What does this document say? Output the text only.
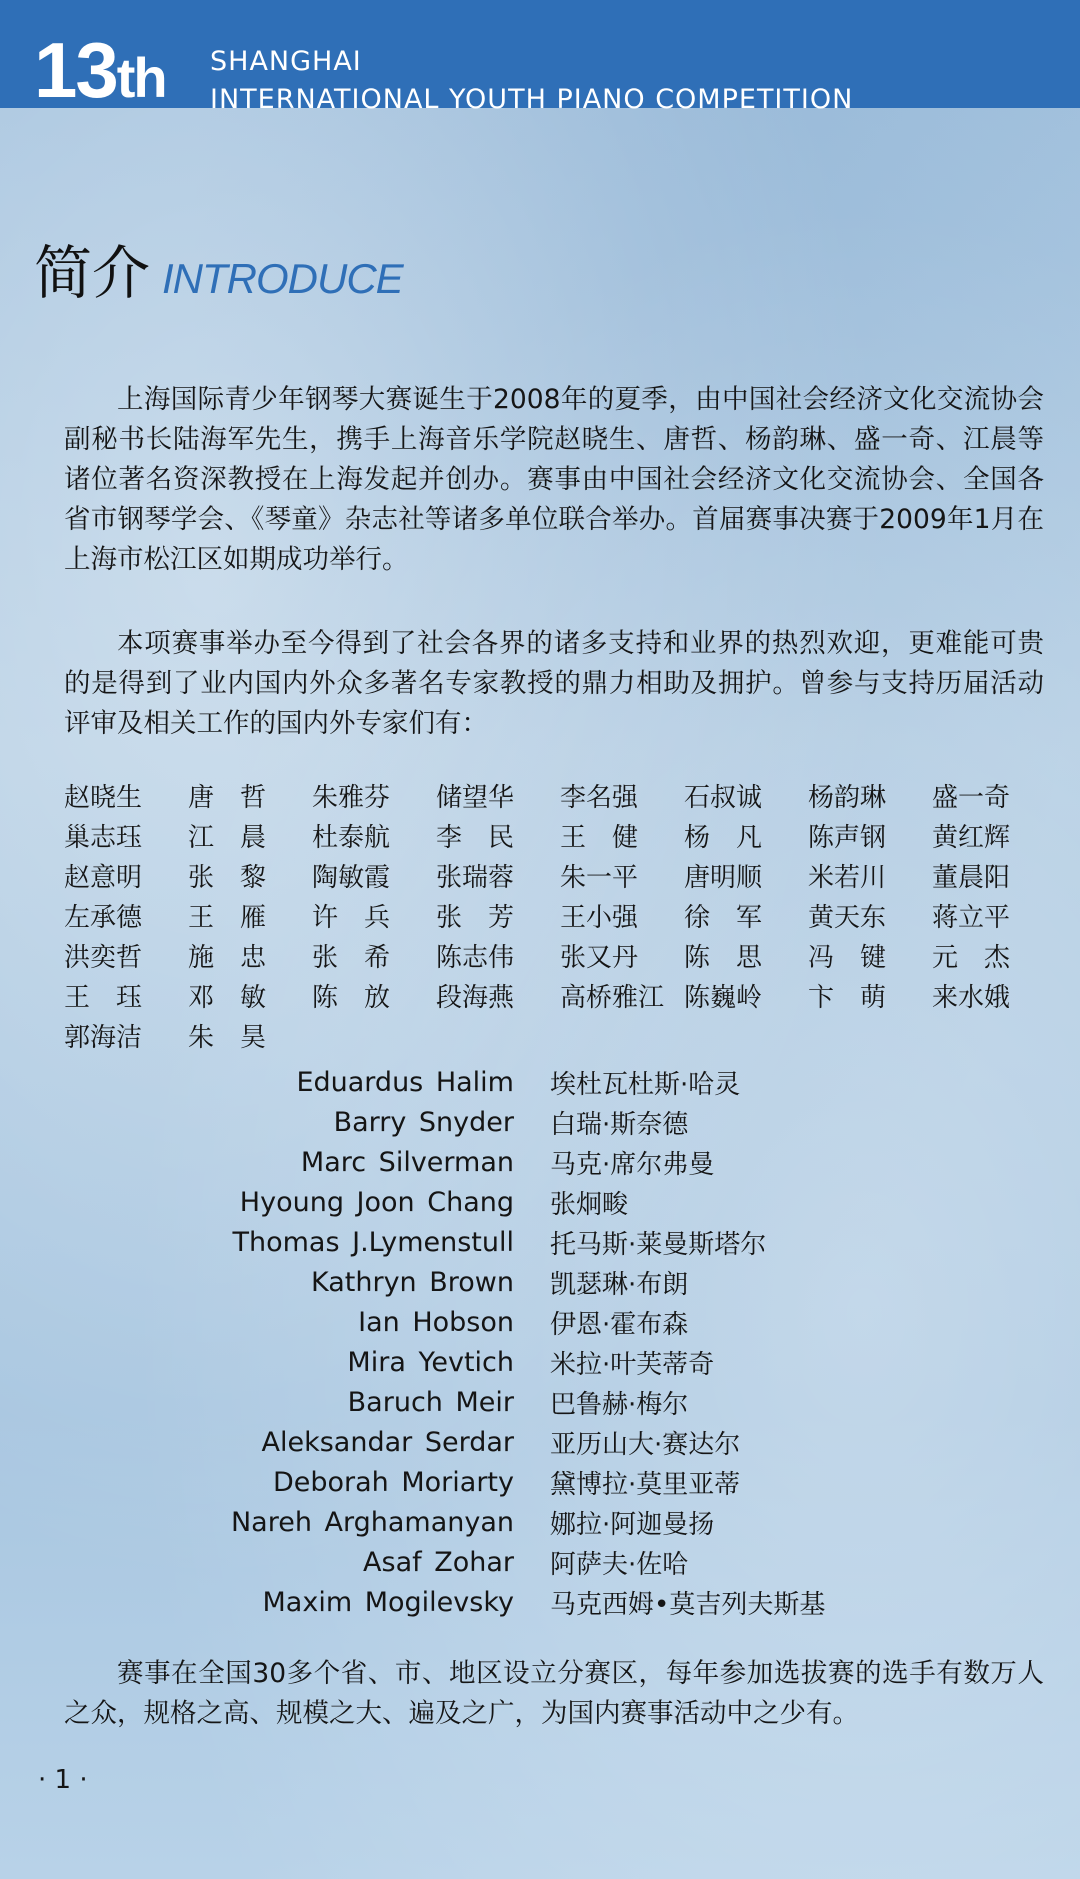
13th SHANGHAI
INTERNATIONAL YOUTH PIANO COMPETITION
简介 INTRODUCE

上海国际青少年钢琴大赛诞生于2008年的夏季，由中国社会经济文化交流协会副秘书长陆海军先生，携手上海音乐学院赵晓生、唐哲、杨韵琳、盛一奇、江晨等诸位著名资深教授在上海发起并创办。赛事由中国社会经济文化交流协会、全国各省市钢琴学会、《琴童》杂志社等诸多单位联合举办。首届赛事决赛于2009年1月在上海市松江区如期成功举行。

本项赛事举办至今得到了社会各界的诸多支持和业界的热烈欢迎，更难能可贵的是得到了业内国内外众多著名专家教授的鼎力相助及拥护。曾参与支持历届活动评审及相关工作的国内外专家们有：

赵晓生	唐　哲	朱雅芬	储望华	李名强	石叔诚	杨韵琳	盛一奇
巢志珏	江　晨	杜泰航	李　民	王　健	杨　凡	陈声钢	黄红辉
赵意明	张　黎	陶敏霞	张瑞蓉	朱一平	唐明顺	米若川	董晨阳
左承德	王　雁	许　兵	张　芳	王小强	徐　军	黄天东	蒋立平
洪奕哲	施　忠	张　希	陈志伟	张又丹	陈　思	冯　键	元　杰
王　珏	邓　敏	陈　放	段海燕	高桥雅江 陈巍岭	卞　萌	来水娥
郭海洁	朱　昊
Eduardus Halim 埃杜瓦杜斯·哈灵
Barry Snyder 白瑞·斯奈德
Marc Silverman 马克·席尔弗曼
Hyoung Joon Chang 张炯畯
Thomas J.Lymenstull 托马斯·莱曼斯塔尔
Kathryn Brown 凯瑟琳·布朗
Ian Hobson 伊恩·霍布森
Mira Yevtich 米拉·叶芙蒂奇
Baruch Meir 巴鲁赫·梅尔
Aleksandar Serdar 亚历山大·赛达尔
Deborah Moriarty 黛博拉·莫里亚蒂
Nareh Arghamanyan 娜拉·阿迦曼扬
Asaf Zohar 阿萨夫·佐哈
Maxim Mogilevsky 马克西姆•莫吉列夫斯基

赛事在全国30多个省、市、地区设立分赛区，每年参加选拔赛的选手有数万人之众，规格之高、规模之大、遍及之广，为国内赛事活动中之少有。

· 1 ·
